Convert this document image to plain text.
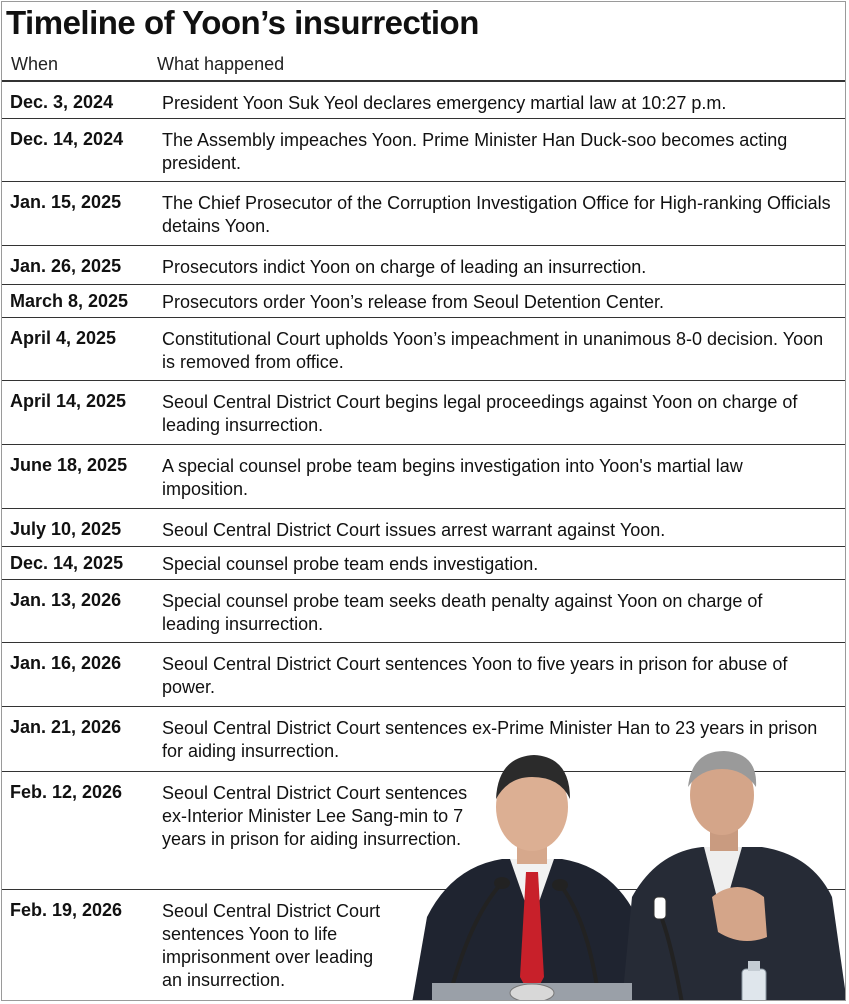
Timeline of Yoon’s insurrection
When	What happened
Dec. 3, 2024	President Yoon Suk Yeol declares emergency martial law at 10:27 p.m.
Dec. 14, 2024 The Assembly impeaches Yoon. Prime Minister Han Duck-soo becomes acting president.
Jan. 15, 2025 The Chief Prosecutor of the Corruption Investigation Office for High-ranking Officials detains Yoon.
Jan. 26, 2025 Prosecutors indict Yoon on charge of leading an insurrection.
March 8, 2025 Prosecutors order Yoon’s release from Seoul Detention Center.
April 4, 2025	Constitutional Court upholds Yoon’s impeachment in unanimous 8-0 decision. Yoon is removed from office.
April 14, 2025 Seoul Central District Court begins legal proceedings against Yoon on charge of leading insurrection.
June 18, 2025 A special counsel probe team begins investigation into Yoon's martial law imposition.
July 10, 2025 Seoul Central District Court issues arrest warrant against Yoon.
Dec. 14, 2025 Special counsel probe team ends investigation.
Jan. 13, 2026 Special counsel probe team seeks death penalty against Yoon on charge of leading insurrection.
Jan. 16, 2026 Seoul Central District Court sentences Yoon to five years in prison for abuse of power.
Jan. 21, 2026 Seoul Central District Court sentences ex-Prime Minister Han to 23 years in prison for aiding insurrection.
Feb. 12, 2026 Seoul Central District Court sentences ex-Interior Minister Lee Sang-min to 7 years in prison for aiding insurrection.
Feb. 19, 2026 Seoul Central District Court sentences Yoon to life imprisonment over leading an insurrection.
